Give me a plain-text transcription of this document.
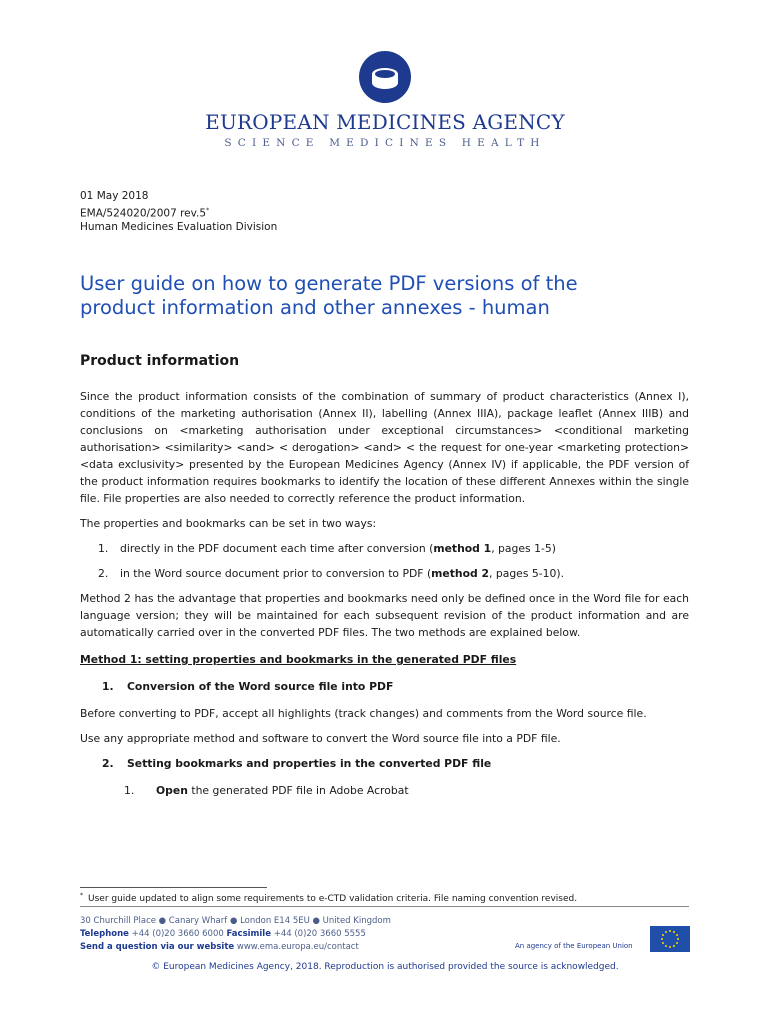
EUROPEAN MEDICINES AGENCY
SCIENCE MEDICINES HEALTH
01 May 2018
EMA/524020/2007 rev.5*
Human Medicines Evaluation Division
User guide on how to generate PDF versions of the
product information and other annexes - human
Product information

Since the product information consists of the combination of summary of product characteristics (Annex I), conditions of the marketing authorisation (Annex II), labelling (Annex IIIA), package leaflet (Annex IIIB) and conclusions on <marketing authorisation under exceptional circumstances> <conditional marketing authorisation> <similarity> <and> < derogation> <and> < the request for one-year <marketing protection> <data exclusivity> presented by the European Medicines Agency (Annex IV) if applicable, the PDF version of the product information requires bookmarks to identify the location of these different Annexes within the single file. File properties are also needed to correctly reference the product information.

The properties and bookmarks can be set in two ways:

1. directly in the PDF document each time after conversion (method 1, pages 1-5)
2. in the Word source document prior to conversion to PDF (method 2, pages 5-10).

Method 2 has the advantage that properties and bookmarks need only be defined once in the Word file for each language version; they will be maintained for each subsequent revision of the product information and are automatically carried over in the converted PDF files. The two methods are explained below.

Method 1: setting properties and bookmarks in the generated PDF files
1. Conversion of the Word source file into PDF

Before converting to PDF, accept all highlights (track changes) and comments from the Word source file.

Use any appropriate method and software to convert the Word source file into a PDF file.

2. Setting bookmarks and properties in the converted PDF file
1. Open the generated PDF file in Adobe Acrobat
* User guide updated to align some requirements to e-CTD validation criteria. File naming convention revised.
30 Churchill Place ● Canary Wharf ● London E14 5EU ● United Kingdom
Telephone +44 (0)20 3660 6000 Facsimile +44 (0)20 3660 5555
Send a question via our website www.ema.europa.eu/contact	An agency of the European Union
© European Medicines Agency, 2018. Reproduction is authorised provided the source is acknowledged.
